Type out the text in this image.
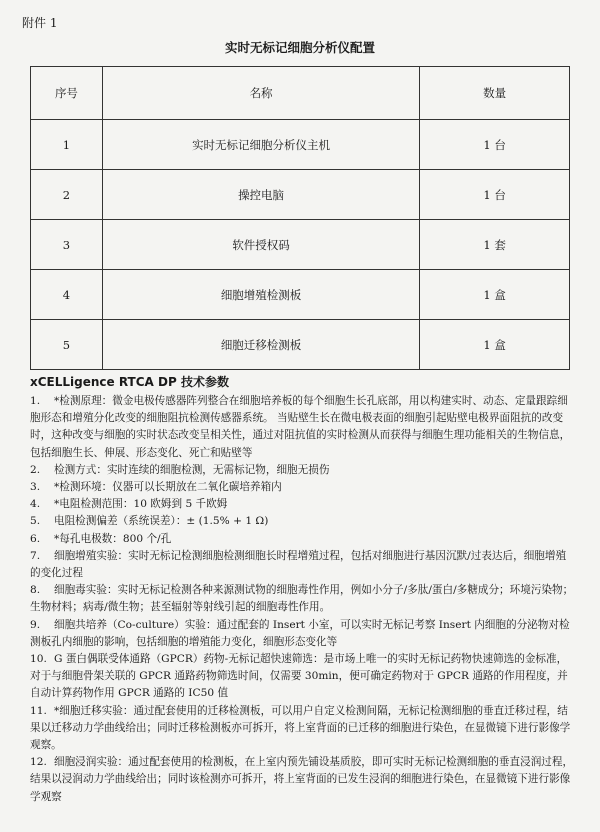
附件 1
实时无标记细胞分析仪配置
序号	名称	数量
1	实时无标记细胞分析仪主机	1 台
2	操控电脑	1 台
3	软件授权码	1 套
4	细胞增殖检测板	1 盒
5	细胞迁移检测板	1 盒
xCELLigence RTCA DP 技术参数
1. *检测原理：微金电极传感器阵列整合在细胞培养板的每个细胞生长孔底部，用以构建实时、动态、定量跟踪细胞形态和增殖分化改变的细胞阻抗检测传感器系统。 当贴壁生长在微电极表面的细胞引起贴壁电极界面阻抗的改变时，这种改变与细胞的实时状态改变呈相关性，通过对阻抗值的实时检测从而获得与细胞生理功能相关的生物信息，包括细胞生长、伸展、形态变化、死亡和贴壁等
2. 检测方式：实时连续的细胞检测，无需标记物，细胞无损伤
3. *检测环境：仪器可以长期放在二氧化碳培养箱内
4. *电阻检测范围：10 欧姆到 5 千欧姆
5. 电阻检测偏差（系统误差）：± (1.5% + 1 Ω)
6. *每孔电极数：800 个/孔
7. 细胞增殖实验：实时无标记检测细胞检测细胞长时程增殖过程，包括对细胞进行基因沉默/过表达后，细胞增殖的变化过程
8. 细胞毒实验：实时无标记检测各种来源测试物的细胞毒性作用，例如小分子/多肽/蛋白/多糖成分；环境污染物；生物材料；病毒/微生物；甚至辐射等射线引起的细胞毒性作用。
9. 细胞共培养（Co-culture）实验：通过配套的 Insert 小室，可以实时无标记考察 Insert 内细胞的分泌物对检测板孔内细胞的影响，包括细胞的增殖能力变化，细胞形态变化等
10. G 蛋白偶联受体通路（GPCR）药物-无标记超快速筛选：是市场上唯一的实时无标记药物快速筛选的金标准，对于与细胞骨架关联的 GPCR 通路药物筛选时间，仅需要 30min，便可确定药物对于 GPCR 通路的作用程度，并自动计算药物作用 GPCR 通路的 IC50 值
11. *细胞迁移实验：通过配套使用的迁移检测板，可以用户自定义检测间隔，无标记检测细胞的垂直迁移过程，结果以迁移动力学曲线给出；同时迁移检测板亦可拆开，将上室背面的已迁移的细胞进行染色，在显微镜下进行影像学观察。
12. 细胞浸润实验：通过配套使用的检测板，在上室内预先铺设基质胶，即可实时无标记检测细胞的垂直浸润过程，结果以浸润动力学曲线给出；同时该检测亦可拆开，将上室背面的已发生浸润的细胞进行染色，在显微镜下进行影像学观察
